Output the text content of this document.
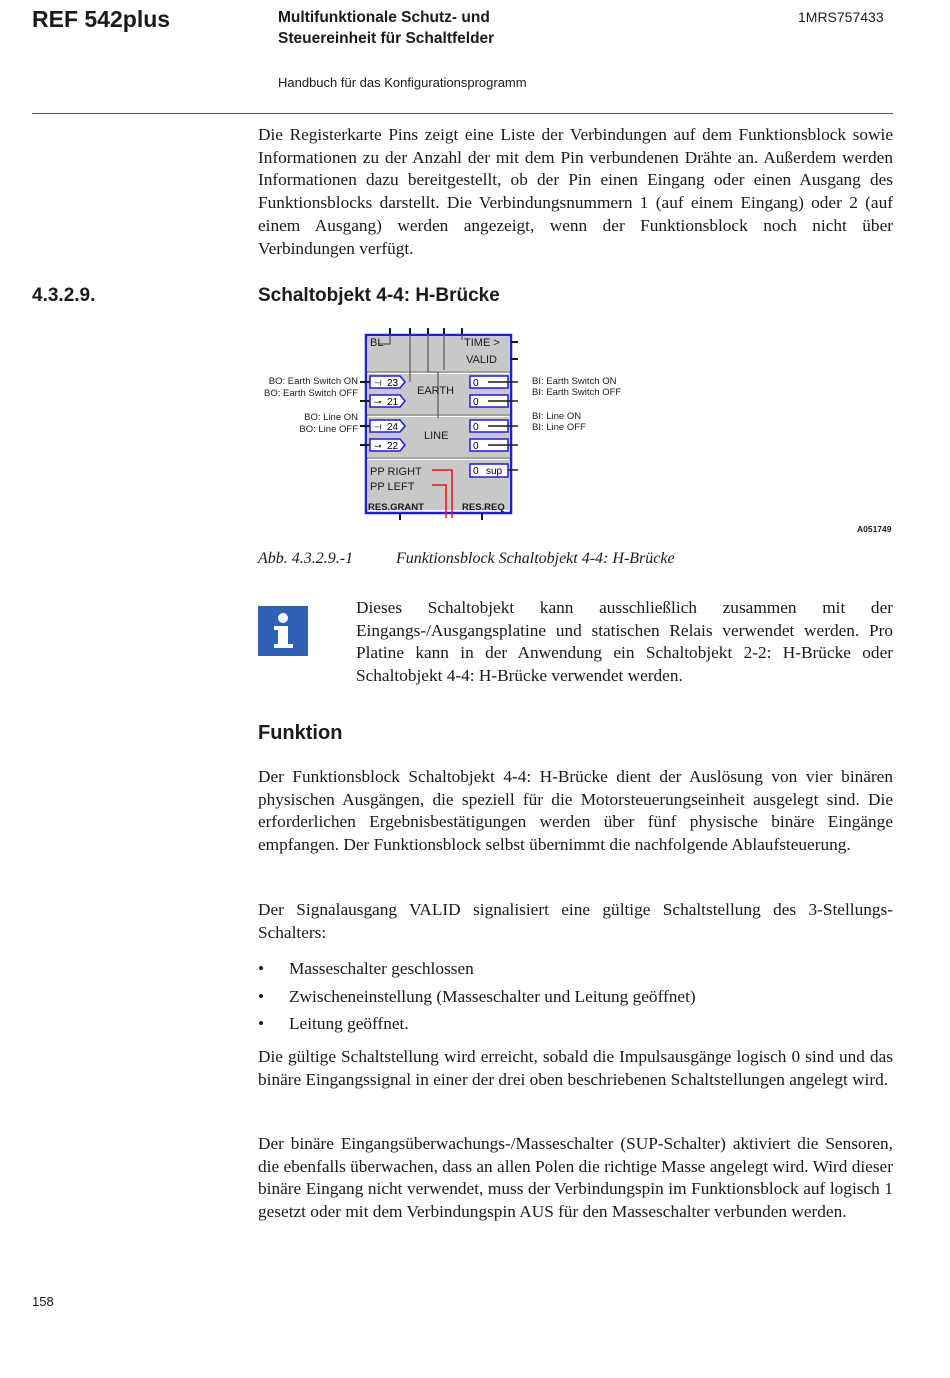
REF 542plus	Multifunktionale Schutz- und
Steuereinheit für Schaltfelder
1MRS757433
Handbuch für das Konfigurationsprogramm
Die Registerkarte Pins zeigt eine Liste der Verbindungen auf dem Funktionsblock sowie Informationen zu der Anzahl der mit dem Pin verbundenen Drähte an. Außerdem werden Informationen dazu bereitgestellt, ob der Pin einen Eingang oder einen Ausgang des Funktionsblocks darstellt. Die Verbindungsnummern 1 (auf einem Eingang) oder 2 (auf einem Ausgang) werden angezeigt, wenn der Funktionsblock noch nicht über Verbindungen verfügt.
4.3.2.9.	Schaltobjekt 4-4: H-Brücke
BL	TIME >
VALID
EARTH
LINE
PP RIGHT
PP LEFT
RES.GRANT	RES.REQ
⊣ 23
⊸ 21
⊣ 24
⊸ 22
0
0
0
0
0 sup
BO: Earth Switch ON
BO: Earth Switch OFF
BO: Line ON
BO: Line OFF
BI: Earth Switch ON
BI: Earth Switch OFF
BI: Line ON
BI: Line OFF
A051749
Abb. 4.3.2.9.-1	Funktionsblock Schaltobjekt 4-4: H-Brücke
Dieses Schaltobjekt kann ausschließlich zusammen mit der Eingangs-/Ausgangsplatine und statischen Relais verwendet werden. Pro Platine kann in der Anwendung ein Schaltobjekt 2-2: H-Brücke oder Schaltobjekt 4-4: H-Brücke verwendet werden.
Funktion
Der Funktionsblock Schaltobjekt 4-4: H-Brücke dient der Auslösung von vier binären physischen Ausgängen, die speziell für die Motorsteuerungseinheit ausgelegt sind. Die erforderlichen Ergebnisbestätigungen werden über fünf physische binäre Eingänge empfangen. Der Funktionsblock selbst übernimmt die nachfolgende Ablaufsteuerung.
Der Signalausgang VALID signalisiert eine gültige Schaltstellung des 3-Stellungs-Schalters:
• Masseschalter geschlossen
• Zwischeneinstellung (Masseschalter und Leitung geöffnet)
• Leitung geöffnet.
Die gültige Schaltstellung wird erreicht, sobald die Impulsausgänge logisch 0 sind und das binäre Eingangssignal in einer der drei oben beschriebenen Schaltstellungen angelegt wird.
Der binäre Eingangsüberwachungs-/Masseschalter (SUP-Schalter) aktiviert die Sensoren, die ebenfalls überwachen, dass an allen Polen die richtige Masse angelegt wird. Wird dieser binäre Eingang nicht verwendet, muss der Verbindungspin im Funktionsblock auf logisch 1 gesetzt oder mit dem Verbindungspin AUS für den Masseschalter verbunden werden.
158
